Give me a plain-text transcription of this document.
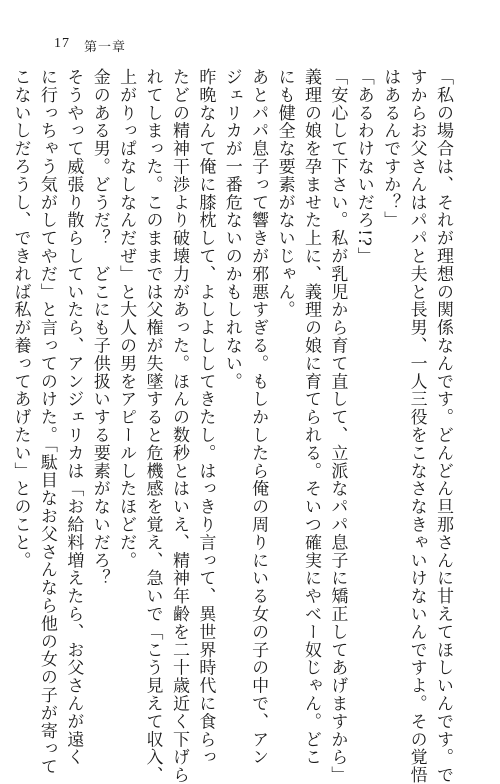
17 第一章
「私の場合は、それが理想の関係なんです。どんどん旦那さんに甘えてほしいんです。で
すからお父さんはパパと夫と長男、一人三役をこなさなきゃいけないんですよ。その覚悟
はあるんですか？」
「あるわけないだろ!?」
「安心して下さい。私が乳児から育て直して、立派なパパ息子に矯正してあげますから」
義理の娘を孕ませた上に、義理の娘に育てられる。そいつ確実にやべー奴じゃん。どこ
にも健全な要素がないじゃん。
あとパパ息子って響きが邪悪すぎる。もしかしたら俺の周りにいる女の子の中で、アン
ジェリカが一番危ないのかもしれない。
昨晩なんて俺に膝枕して、よしよししてきたし。はっきり言って、異世界時代に食らっ
たどの精神干渉より破壊力があった。ほんの数秒とはいえ、精神年齢を二十歳近く下げら
れてしまった。このままでは父権が失墜すると危機感を覚え、急いで「こう見えて収入、
上がりっぱなしなんだぜ」と大人の男をアピールしたほどだ。
金のある男。どうだ？　どこにも子供扱いする要素がないだろ？
そうやって威張り散らしていたら、アンジェリカは「お給料増えたら、お父さんが遠く
に行っちゃう気がしてやだ」と言ってのけた。「駄目なお父さんなら他の女の子が寄って
こないしだろうし、できれば私が養ってあげたい」とのこと。
